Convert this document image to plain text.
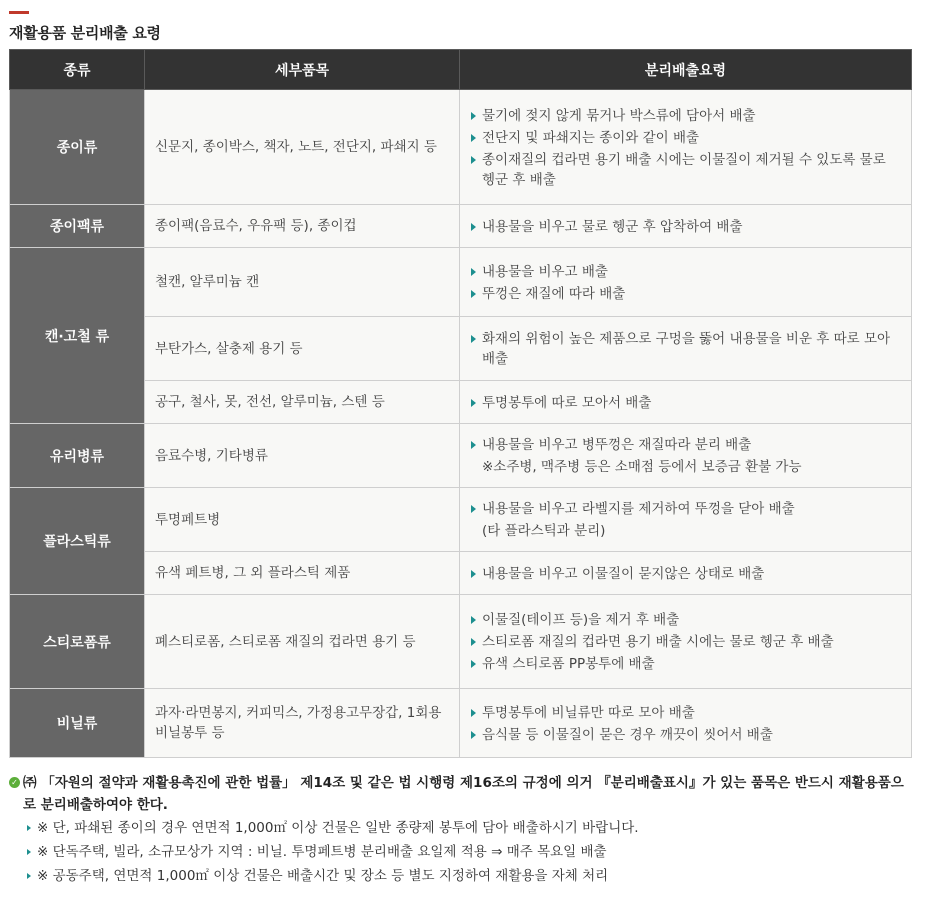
재활용품 분리배출 요령
종류	세부품목	분리배출요령
종이류	신문지, 종이박스, 책자, 노트, 전단지, 파쇄지 등	물기에 젖지 않게 묶거나 박스류에 담아서 배출
전단지 및 파쇄지는 종이와 같이 배출
종이재질의 컵라면 용기 배출 시에는 이물질이 제거될 수 있도록 물로 헹군 후 배출

종이팩류	종이팩(음료수, 우유팩 등), 종이컵	내용물을 비우고 물로 헹군 후 압착하여 배출

캔·고철 류	철캔, 알루미늄 캔	내용물을 비우고 배출
뚜껑은 재질에 따라 배출

	부탄가스, 살충제 용기 등	화재의 위험이 높은 제품으로 구멍을 뚫어 내용물을 비운 후 따로 모아 배출

	공구, 철사, 못, 전선, 알루미늄, 스텐 등	투명봉투에 따로 모아서 배출

유리병류	음료수병, 기타병류	내용물을 비우고 병뚜껑은 재질따라 분리 배출
※소주병, 맥주병 등은 소매점 등에서 보증금 환불 가능

플라스틱류	투명페트병	내용물을 비우고 라벨지를 제거하여 뚜껑을 닫아 배출
(타 플라스틱과 분리)

	유색 페트병, 그 외 플라스틱 제품	내용물을 비우고 이물질이 묻지않은 상태로 배출

스티로폼류	폐스티로폼, 스티로폼 재질의 컵라면 용기 등	이물질(테이프 등)을 제거 후 배출
스티로폼 재질의 컵라면 용기 배출 시에는 물로 헹군 후 배출
유색 스티로폼 PP봉투에 배출

비닐류	과자·라면봉지, 커피믹스, 가정용고무장갑, 1회용 비닐봉투 등	투명봉투에 비닐류만 따로 모아 배출
음식물 등 이물질이 묻은 경우 깨끗이 씻어서 배출
✓ ㈜ 「자원의 절약과 재활용촉진에 관한 법률」 제14조 및 같은 법 시행령 제16조의 규정에 의거 『분리배출표시』가 있는 품목은 반드시 재활용품으로 분리배출하여야 한다.
※ 단, 파쇄된 종이의 경우 연면적 1,000㎡ 이상 건물은 일반 종량제 봉투에 담아 배출하시기 바랍니다.
※ 단독주택, 빌라, 소규모상가 지역 : 비닐. 투명페트병 분리배출 요일제 적용 ⇒ 매주 목요일 배출
※ 공동주택, 연면적 1,000㎡ 이상 건물은 배출시간 및 장소 등 별도 지정하여 재활용을 자체 처리
